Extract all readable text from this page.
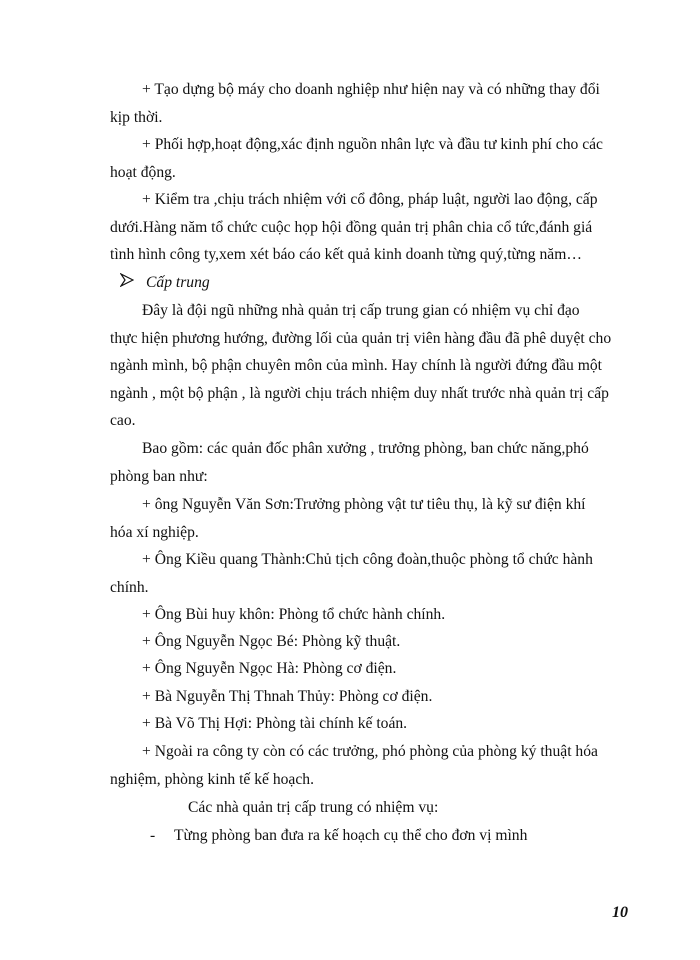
+ Tạo dựng bộ máy cho doanh nghiệp như hiện nay và có những thay đổi
kịp thời.
+ Phối hợp,hoạt động,xác định nguồn nhân lực và đầu tư kinh phí cho các
hoạt động.
+ Kiểm tra ,chịu trách nhiệm với cổ đông, pháp luật, người lao động, cấp
dưới.Hàng năm tổ chức cuộc họp hội đồng quản trị phân chia cổ tức,đánh giá
tình hình công ty,xem xét báo cáo kết quả kinh doanh từng quý,từng năm…
Cấp trung
Đây là đội ngũ những nhà quản trị cấp trung gian có nhiệm vụ chỉ đạo
thực hiện phương hướng, đường lối của quản trị viên hàng đầu đã phê duyệt cho
ngành mình, bộ phận chuyên môn của mình. Hay chính là người đứng đầu một
ngành , một bộ phận , là người chịu trách nhiệm duy nhất trước nhà quản trị cấp
cao.
Bao gồm: các quản đốc phân xưởng , trưởng phòng, ban chức năng,phó
phòng ban như:
+ ông Nguyễn Văn Sơn:Trưởng phòng vật tư tiêu thụ, là kỹ sư điện khí
hóa xí nghiệp.
+ Ông Kiều quang Thành:Chủ tịch công đoàn,thuộc phòng tổ chức hành
chính.
+ Ông Bùi huy khôn: Phòng tổ chức hành chính.
+ Ông Nguyễn Ngọc Bé: Phòng kỹ thuật.
+ Ông Nguyễn Ngọc Hà: Phòng cơ điện.
+ Bà Nguyễn Thị Thnah Thủy: Phòng cơ điện.
+ Bà Võ Thị Hợi: Phòng tài chính kế toán.
+ Ngoài ra công ty còn có các trưởng, phó phòng của phòng ký thuật hóa
nghiệm, phòng kinh tế kế hoạch.
Các nhà quản trị cấp trung có nhiệm vụ:
- Từng phòng ban đưa ra kế hoạch cụ thể cho đơn vị mình
10
